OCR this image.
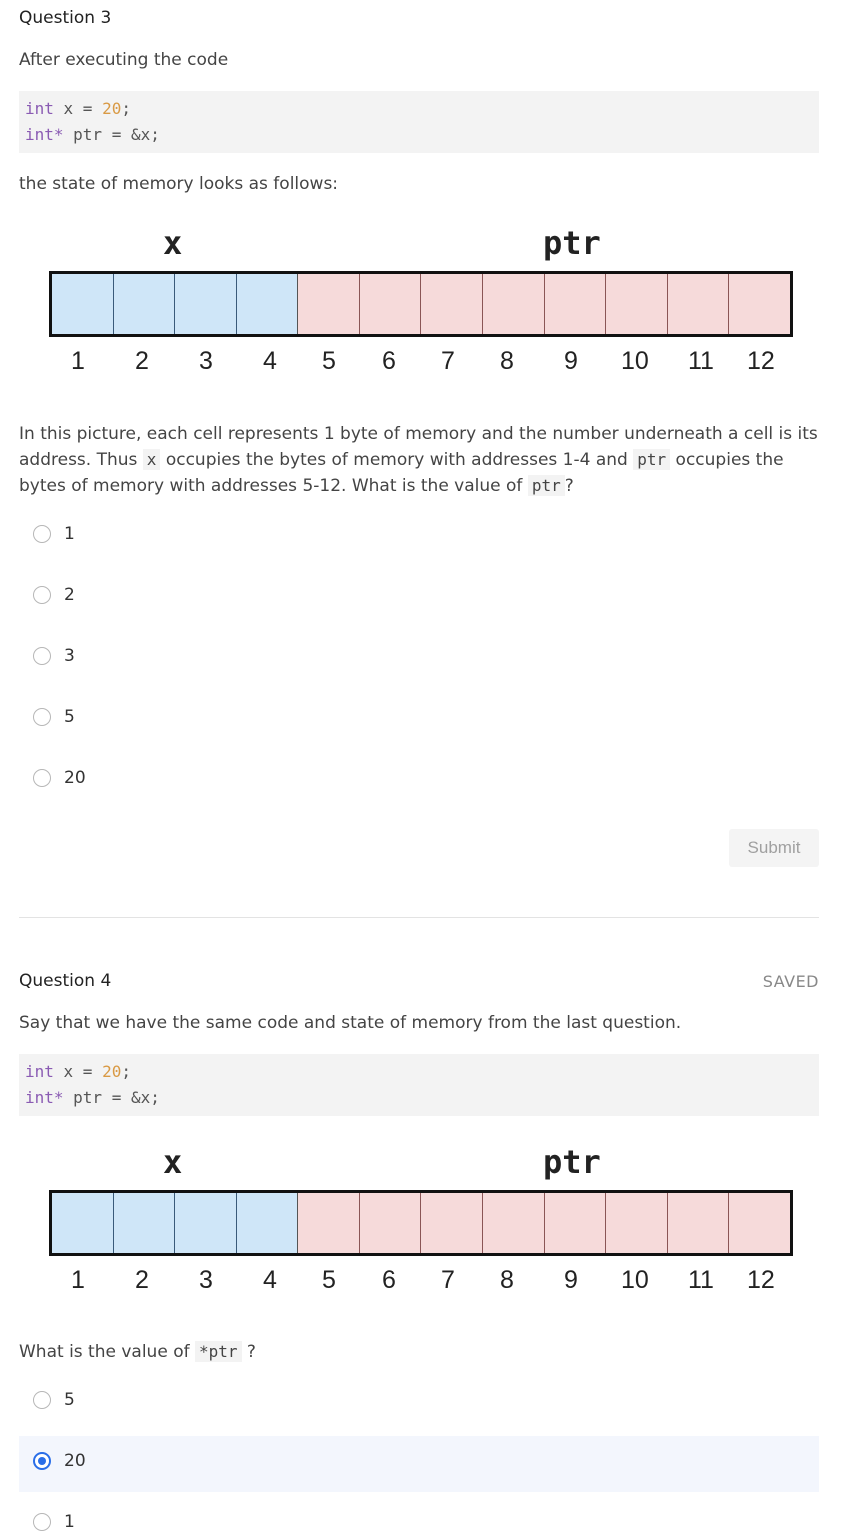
Question 3
After executing the code
int x = 20;
int* ptr = &x;
the state of memory looks as follows:
x	ptr
1 2 3 4 5 6 7 8 9 10 11 12
In this picture, each cell represents 1 byte of memory and the number underneath a cell is its address. Thus x occupies the bytes of memory with addresses 1-4 and ptr occupies the bytes of memory with addresses 5-12. What is the value of ptr ?
1
2
3
5
20
Submit
Question 4	SAVED
Say that we have the same code and state of memory from the last question.
int x = 20;
int* ptr = &x;
x	ptr
1 2 3 4 5 6 7 8 9 10 11 12
What is the value of *ptr ?
5
20
1
